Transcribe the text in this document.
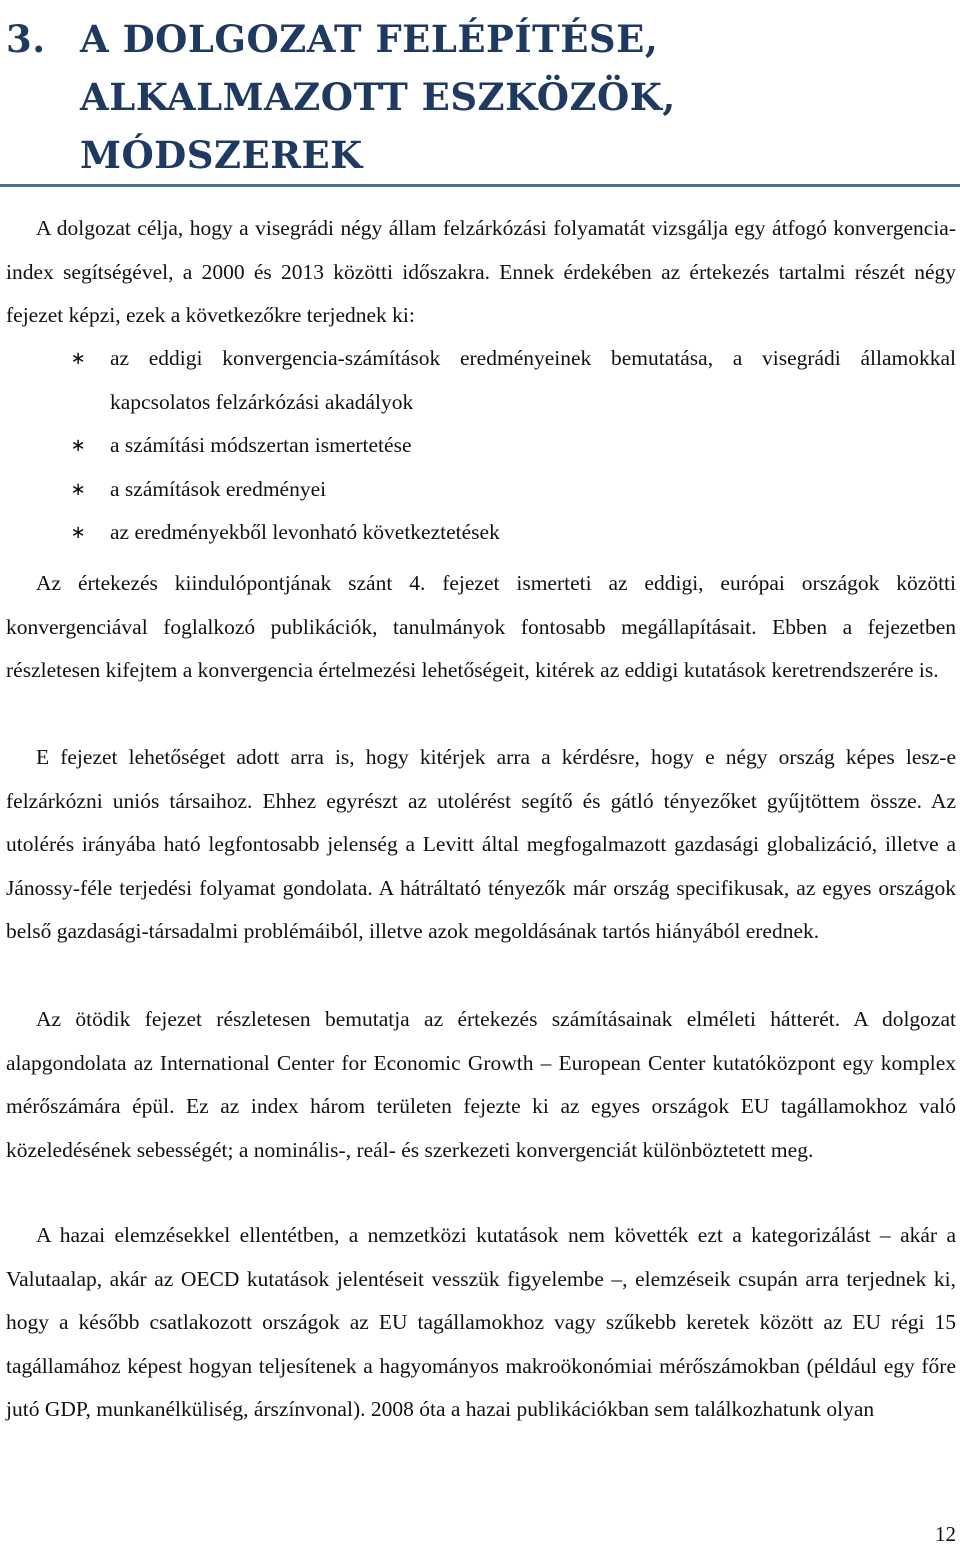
3. A DOLGOZAT FELÉPÍTÉSE,
ALKALMAZOTT ESZKÖZÖK,
MÓDSZEREK

A dolgozat célja, hogy a visegrádi négy állam felzárkózási folyamatát vizsgálja egy átfogó konvergencia-index segítségével, a 2000 és 2013 közötti időszakra. Ennek érdekében az értekezés tartalmi részét négy fejezet képzi, ezek a következőkre terjednek ki:

∗ az eddigi konvergencia-számítások eredményeinek bemutatása, a visegrádi államokkal kapcsolatos felzárkózási akadályok
∗ a számítási módszertan ismertetése
∗ a számítások eredményei
∗ az eredményekből levonható következtetések

Az értekezés kiindulópontjának szánt 4. fejezet ismerteti az eddigi, európai országok közötti konvergenciával foglalkozó publikációk, tanulmányok fontosabb megállapításait. Ebben a fejezetben részletesen kifejtem a konvergencia értelmezési lehetőségeit, kitérek az eddigi kutatások keretrendszerére is.

E fejezet lehetőséget adott arra is, hogy kitérjek arra a kérdésre, hogy e négy ország képes lesz-e felzárkózni uniós társaihoz. Ehhez egyrészt az utolérést segítő és gátló tényezőket gyűjtöttem össze. Az utolérés irányába ható legfontosabb jelenség a Levitt által megfogalmazott gazdasági globalizáció, illetve a Jánossy-féle terjedési folyamat gondolata. A hátráltató tényezők már ország specifikusak, az egyes országok belső gazdasági-társadalmi problémáiból, illetve azok megoldásának tartós hiányából erednek.

Az ötödik fejezet részletesen bemutatja az értekezés számításainak elméleti hátterét. A dolgozat alapgondolata az International Center for Economic Growth – European Center kutatóközpont egy komplex mérőszámára épül. Ez az index három területen fejezte ki az egyes országok EU tagállamokhoz való közeledésének sebességét; a nominális-, reál- és szerkezeti konvergenciát különböztetett meg.

A hazai elemzésekkel ellentétben, a nemzetközi kutatások nem követték ezt a kategorizálást – akár a Valutaalap, akár az OECD kutatások jelentéseit vesszük figyelembe –, elemzéseik csupán arra terjednek ki, hogy a később csatlakozott országok az EU tagállamokhoz vagy szűkebb keretek között az EU régi 15 tagállamához képest hogyan teljesítenek a hagyományos makroökonómiai mérőszámokban (például egy főre jutó GDP, munkanélküliség, árszínvonal). 2008 óta a hazai publikációkban sem találkozhatunk olyan

12
